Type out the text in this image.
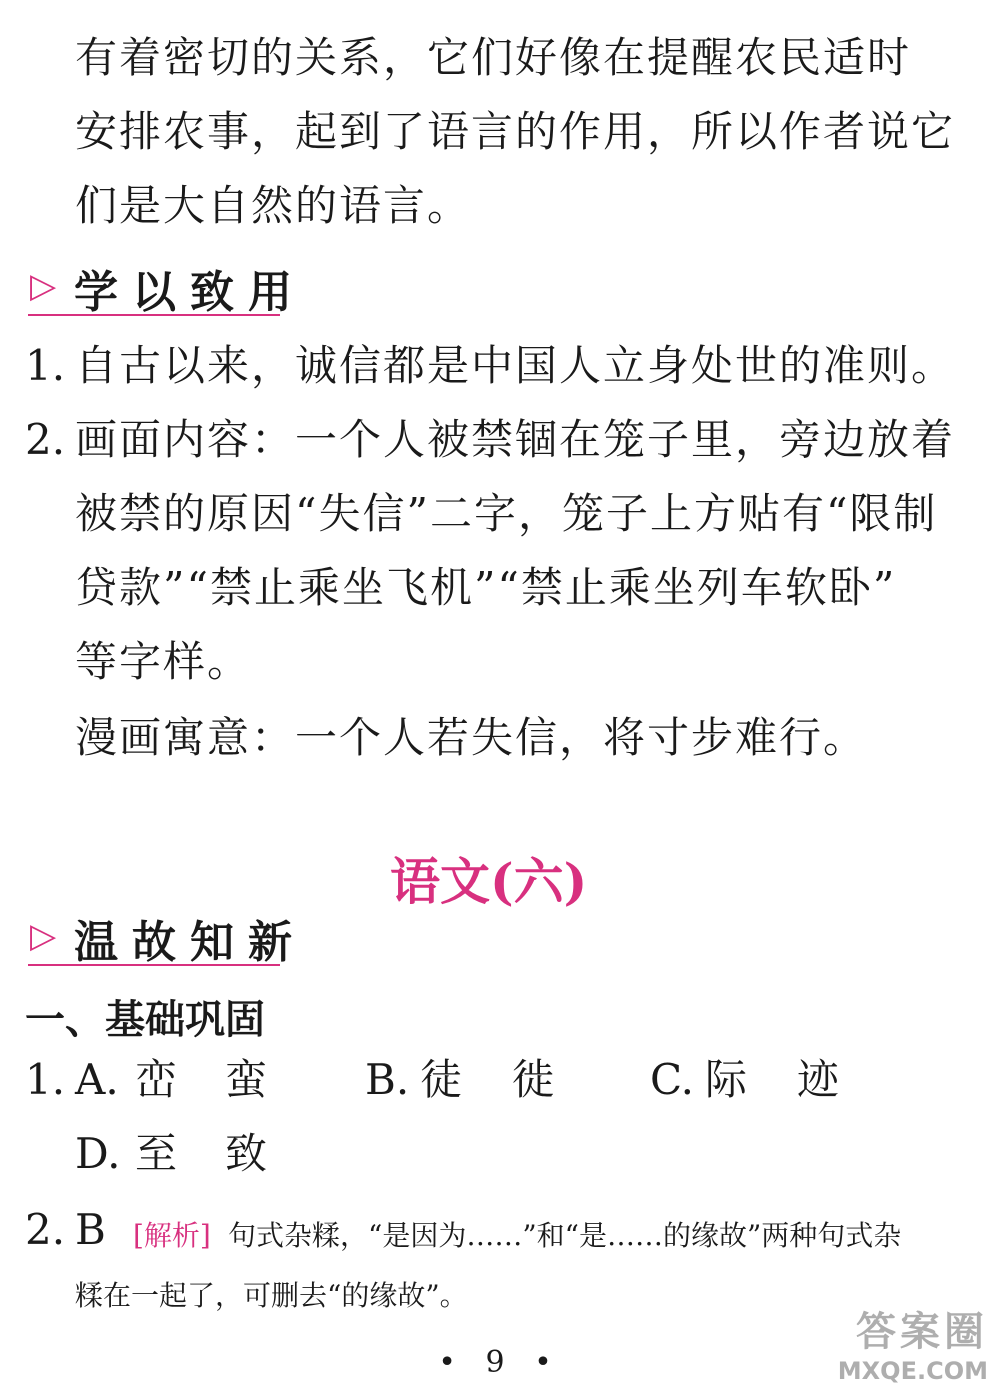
有着密切的关系，它们好像在提醒农民适时
安排农事，起到了语言的作用，所以作者说它
们是大自然的语言。
▷ 学以致用
1. 自古以来，诚信都是中国人立身处世的准则。
2. 画面内容：一个人被禁锢在笼子里，旁边放着
被禁的原因“失信”二字，笼子上方贴有“限制
贷款”“禁止乘坐飞机”“禁止乘坐列车软卧”
等字样。
漫画寓意：一个人若失信，将寸步难行。
语文(六)
▷ 温故知新
一、基础巩固
1. A. 峦 蛮 B. 徒 徙 C. 际 迹
D. 至 致
2. B [解析] 句式杂糅，“是因为……”和“是……的缘故”两种句式杂
糅在一起了，可删去“的缘故”。
• 9 •
答案圈
MXQE.COM
